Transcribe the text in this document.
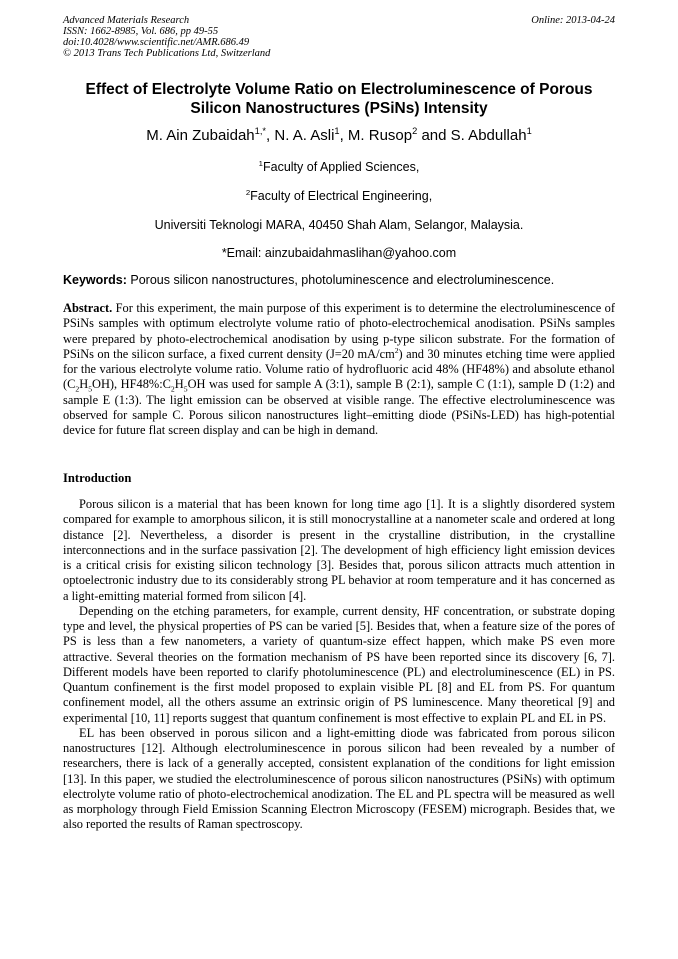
Advanced Materials Research
ISSN: 1662-8985, Vol. 686, pp 49-55
doi:10.4028/www.scientific.net/AMR.686.49
© 2013 Trans Tech Publications Ltd, Switzerland
Online: 2013-04-24
Effect of Electrolyte Volume Ratio on Electroluminescence of Porous Silicon Nanostructures (PSiNs) Intensity
M. Ain Zubaidah$^{1,*}$, N. A. Asli$^1$, M. Rusop$^2$ and S. Abdullah$^1$
$^1$Faculty of Applied Sciences,
$^2$Faculty of Electrical Engineering,
Universiti Teknologi MARA, 40450 Shah Alam, Selangor, Malaysia.
*Email: ainzubaidahmaslihan@yahoo.com
Keywords: Porous silicon nanostructures, photoluminescence and electroluminescence.
Abstract. For this experiment, the main purpose of this experiment is to determine the electroluminescence of PSiNs samples with optimum electrolyte volume ratio of photo-electrochemical anodisation. PSiNs samples were prepared by photo-electrochemical anodisation by using p-type silicon substrate. For the formation of PSiNs on the silicon surface, a fixed current density (J=20 $mA/cm^2$) and 30 minutes etching time were applied for the various electrolyte volume ratio. Volume ratio of hydrofluoric acid 48% (HF48%) and absolute ethanol $(C_2H_5OH)$, $HF48\%:C_2H_5OH$ was used for sample A (3:1), sample B (2:1), sample C (1:1), sample D (1:2) and sample E (1:3). The light emission can be observed at visible range. The effective electroluminescence was observed for sample C. Porous silicon nanostructures light–emitting diode (PSiNs-LED) has high-potential device for future flat screen display and can be high in demand.
Introduction

Porous silicon is a material that has been known for long time ago [1]. It is a slightly disordered system compared for example to amorphous silicon, it is still monocrystalline at a nanometer scale and ordered at long distance [2]. Nevertheless, a disorder is present in the crystalline distribution, in the crystalline interconnections and in the surface passivation [2]. The development of high efficiency light emission devices is a critical crisis for existing silicon technology [3]. Besides that, porous silicon attracts much attention in optoelectronic industry due to its considerably strong PL behavior at room temperature and it has concerned as a light-emitting material formed from silicon [4].

Depending on the etching parameters, for example, current density, HF concentration, or substrate doping type and level, the physical properties of PS can be varied [5]. Besides that, when a feature size of the pores of PS is less than a few nanometers, a variety of quantum-size effect happen, which make PS even more attractive. Several theories on the formation mechanism of PS have been reported since its discovery [6, 7]. Different models have been reported to clarify photoluminescence (PL) and electroluminescence (EL) in PS. Quantum confinement is the first model proposed to explain visible PL [8] and EL from PS. For quantum confinement model, all the others assume an extrinsic origin of PS luminescence. Many theoretical [9] and experimental [10, 11] reports suggest that quantum confinement is most effective to explain PL and EL in PS.

EL has been observed in porous silicon and a light-emitting diode was fabricated from porous silicon nanostructures [12]. Although electroluminescence in porous silicon had been revealed by a number of researchers, there is lack of a generally accepted, consistent explanation of the conditions for light emission [13]. In this paper, we studied the electroluminescence of porous silicon nanostructures (PSiNs) with optimum electrolyte volume ratio of photo-electrochemical anodization. The EL and PL spectra will be measured as well as morphology through Field Emission Scanning Electron Microscopy (FESEM) micrograph. Besides that, we also reported the results of Raman spectroscopy.
